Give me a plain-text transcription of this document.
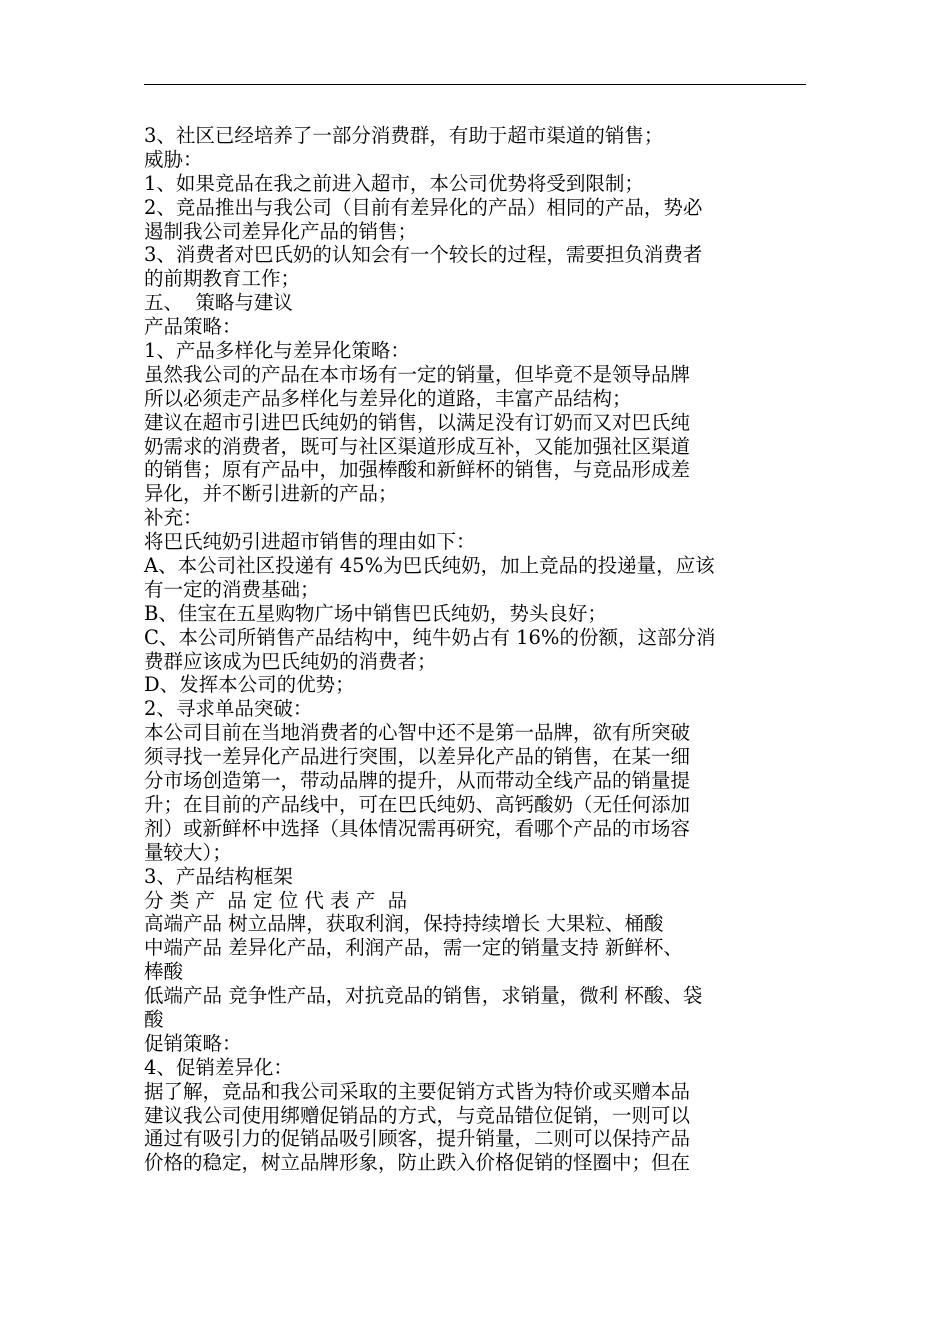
3、社区已经培养了一部分消费群，有助于超市渠道的销售；
威胁：
1、如果竞品在我之前进入超市，本公司优势将受到限制；
2、竞品推出与我公司（目前有差异化的产品）相同的产品，势必
遏制我公司差异化产品的销售；
3、消费者对巴氏奶的认知会有一个较长的过程，需要担负消费者
的前期教育工作；
五、  策略与建议
产品策略：
1、产品多样化与差异化策略：
虽然我公司的产品在本市场有一定的销量，但毕竟不是领导品牌
所以必须走产品多样化与差异化的道路，丰富产品结构；
建议在超市引进巴氏纯奶的销售，以满足没有订奶而又对巴氏纯
奶需求的消费者，既可与社区渠道形成互补，又能加强社区渠道
的销售；原有产品中，加强棒酸和新鲜杯的销售，与竞品形成差
异化，并不断引进新的产品；
补充：
将巴氏纯奶引进超市销售的理由如下：
A、本公司社区投递有 45%为巴氏纯奶，加上竞品的投递量，应该
有一定的消费基础；
B、佳宝在五星购物广场中销售巴氏纯奶，势头良好；
C、本公司所销售产品结构中，纯牛奶占有 16%的份额，这部分消
费群应该成为巴氏纯奶的消费者；
D、发挥本公司的优势；
2、寻求单品突破：
本公司目前在当地消费者的心智中还不是第一品牌，欲有所突破
须寻找一差异化产品进行突围，以差异化产品的销售，在某一细
分市场创造第一，带动品牌的提升，从而带动全线产品的销量提
升；在目前的产品线中，可在巴氏纯奶、高钙酸奶（无任何添加
剂）或新鲜杯中选择（具体情况需再研究，看哪个产品的市场容
量较大）；
3、产品结构框架
分 类 产  品 定 位 代 表 产  品
高端产品 树立品牌，获取利润，保持持续增长 大果粒、桶酸
中端产品 差异化产品，利润产品，需一定的销量支持 新鲜杯、
棒酸
低端产品 竞争性产品，对抗竞品的销售，求销量，微利 杯酸、袋
酸
促销策略：
4、促销差异化：
据了解，竞品和我公司采取的主要促销方式皆为特价或买赠本品
建议我公司使用绑赠促销品的方式，与竞品错位促销，一则可以
通过有吸引力的促销品吸引顾客，提升销量，二则可以保持产品
价格的稳定，树立品牌形象，防止跌入价格促销的怪圈中；但在
